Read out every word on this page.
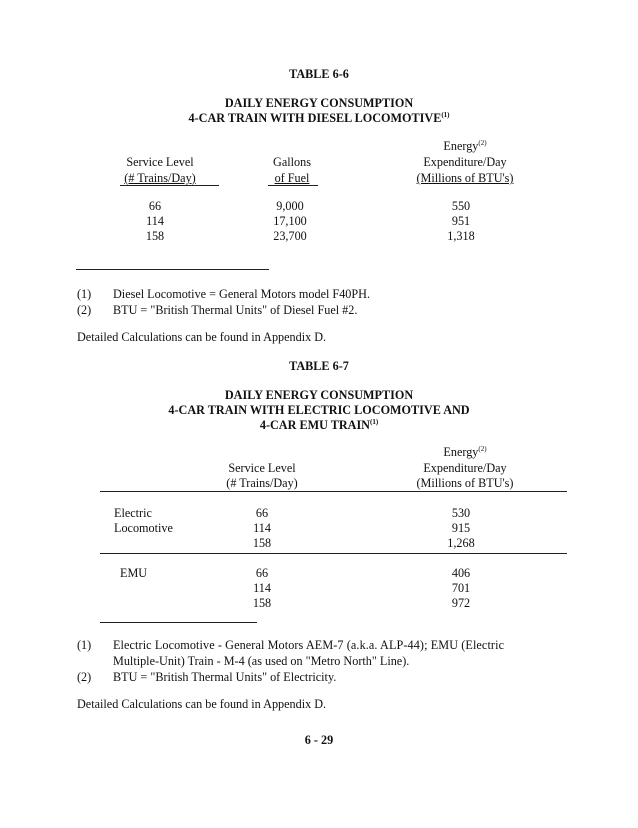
TABLE 6-6
DAILY ENERGY CONSUMPTION
4-CAR TRAIN WITH DIESEL LOCOMOTIVE$^{(1)}$
Service Level
(# Trains/Day)
Gallons
of Fuel
Energy$^{(2)}$
Expenditure/Day
(Millions of BTU's)
66
114
158
9,000
17,100
23,700
550
951
1,318
(1) Diesel Locomotive = General Motors model F40PH.
(2) BTU = "British Thermal Units" of Diesel Fuel #2.
Detailed Calculations can be found in Appendix D.
TABLE 6-7
DAILY ENERGY CONSUMPTION
4-CAR TRAIN WITH ELECTRIC LOCOMOTIVE AND
4-CAR EMU TRAIN$^{(1)}$
Service Level
(# Trains/Day)
Energy$^{(2)}$
Expenditure/Day
(Millions of BTU's)
Electric
Locomotive
66
114
158
530
915
1,268
EMU	66
114
158
406
701
972
(1) Electric Locomotive - General Motors AEM-7 (a.k.a. ALP-44); EMU (Electric
Multiple-Unit) Train - M-4 (as used on "Metro North" Line).
(2) BTU = "British Thermal Units" of Electricity.
Detailed Calculations can be found in Appendix D.
6 - 29
